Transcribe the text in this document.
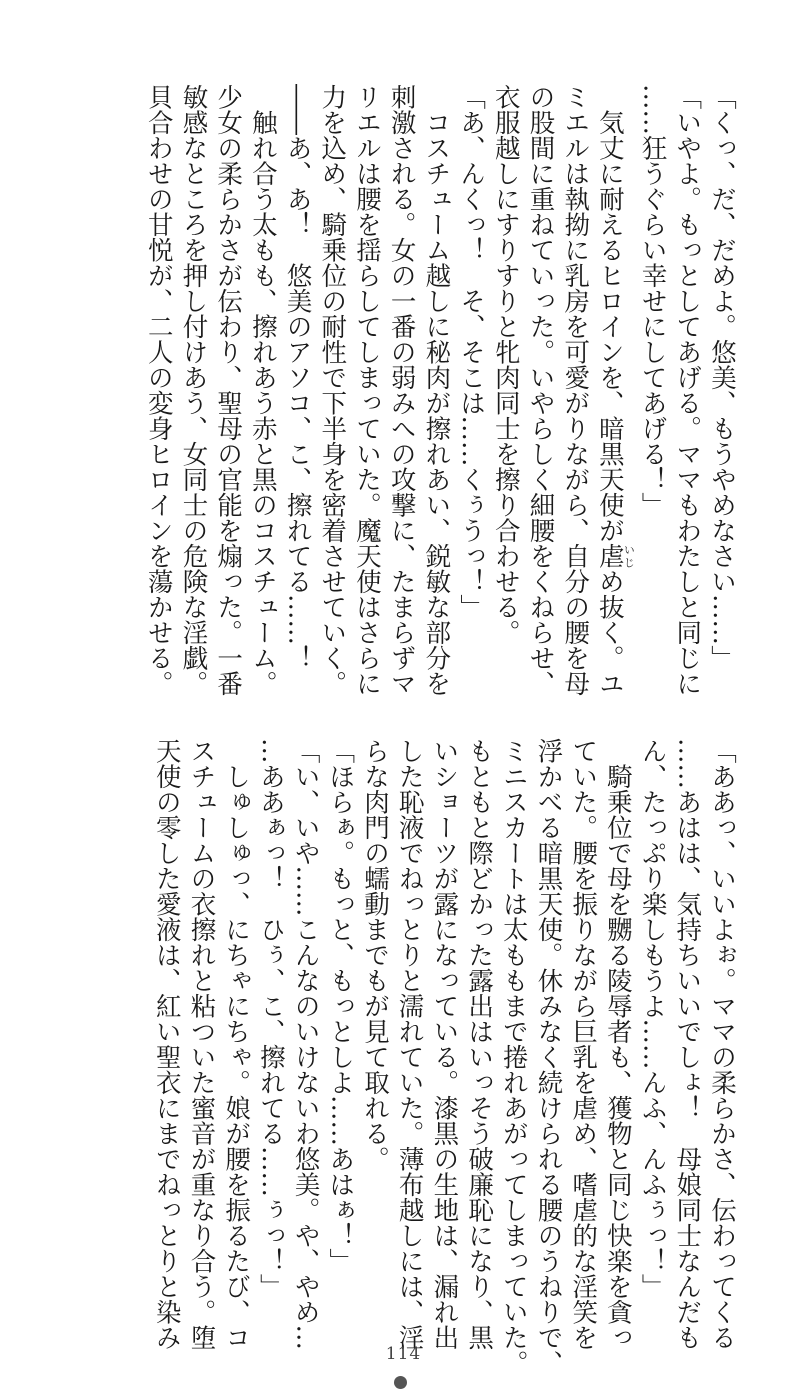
「くっ、だ、だめよ。悠美、もうやめなさい……」
「いやよ。もっとしてあげる。ママもわたしと同じに
……狂うぐらい幸せにしてあげる！」
　気丈に耐えるヒロインを、暗黒天使が虐いじめ抜く。ユ
ミエルは執拗に乳房を可愛がりながら、自分の腰を母
の股間に重ねていった。いやらしく細腰をくねらせ、
衣服越しにすりすりと牝肉同士を擦り合わせる。
「あ、んくっ！　そ、そこは……くぅうっ！」
　コスチューム越しに秘肉が擦れあい、鋭敏な部分を
刺激される。女の一番の弱みへの攻撃に、たまらずマ
リエルは腰を揺らしてしまっていた。魔天使はさらに
力を込め、騎乗位の耐性で下半身を密着させていく。
――あ、あ！　悠美のアソコ、こ、擦れてる……！
　触れ合う太もも、擦れあう赤と黒のコスチューム。
少女の柔らかさが伝わり、聖母の官能を煽った。一番
敏感なところを押し付けあう、女同士の危険な淫戯。
貝合わせの甘悦が、二人の変身ヒロインを蕩かせる。
「ああっ、いいよぉ。ママの柔らかさ、伝わってくる
……あはは、気持ちいいでしょ！　母娘同士なんだも
ん、たっぷり楽しもうよ……んふ、んふぅっ！」
　騎乗位で母を嬲る陵辱者も、獲物と同じ快楽を貪っ
ていた。腰を振りながら巨乳を虐め、嗜虐的な淫笑を
浮かべる暗黒天使。休みなく続けられる腰のうねりで、
ミニスカートは太ももまで捲れあがってしまっていた。
もともと際どかった露出はいっそう破廉恥になり、黒
いショーツが露になっている。漆黒の生地は、漏れ出
した恥液でねっとりと濡れていた。薄布越しには、淫
らな肉門の蠕動までもが見て取れる。
「ほらぁ。もっと、もっとしよ……あはぁ！」
「い、いや……こんなのいけないわ悠美。や、やめ…
…ああぁっ！　ひぅ、こ、擦れてる……ぅっ！」
　しゅしゅっ、にちゃにちゃ。娘が腰を振るたび、コ
スチュームの衣擦れと粘ついた蜜音が重なり合う。堕
天使の零した愛液は、紅い聖衣にまでねっとりと染み
114
